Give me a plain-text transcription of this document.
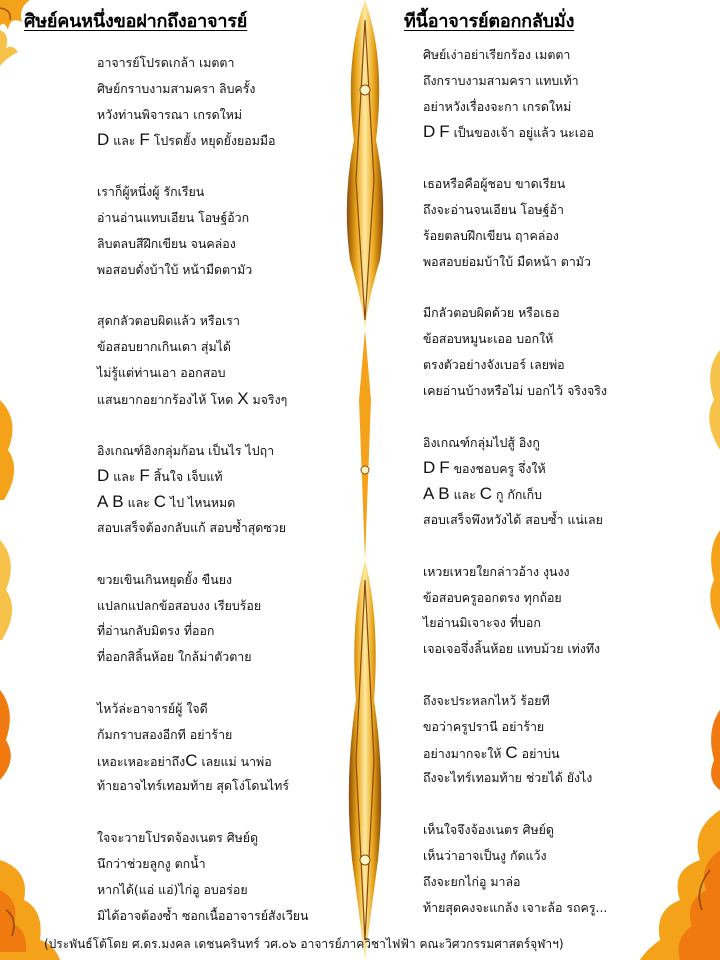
ศิษย์คนหนึ่งขอฝากถึงอาจารย์	ทีนี้อาจารย์ตอกกลับมั่ง
อาจารย์โปรดเกล้า เมตตา
ศิษย์กราบงามสามครา ลิบครั้ง
หวังท่านพิจารณา เกรดใหม่
D และ F โปรดยั้ง หยุดยั้งยอมมือ
เราก็ผู้หนึ่งผู้ รักเรียน
อ่านอ่านแทบเอียน โอษฐ์อ้วก
ลิบตลบสีฝึกเขียน จนคล่อง
พอสอบดั่งบ้าใบ้ หน้ามืดตามัว
สุดกลัวตอบผิดแล้ว หรือเรา
ข้อสอบยากเกินเดา สุ่มได้
ไม่รู้แต่ท่านเอา ออกสอบ
แสนยากอยากร้องไห้ โหด X มจริงๆ
อิงเกณฑ์อิงกลุ่มก้อน เป็นไร ไปฤา
D และ F สิ้นใจ เจ็บแท้
A B และ C ไป ไหนหมด
สอบเสร็จต้องกลับแก้ สอบซ้ำสุดซวย
ขวยเขินเกินหยุดยั้ง ขืนยง
แปลกแปลกข้อสอบงง เรียบร้อย
ที่อ่านกลับมิตรง ที่ออก
ที่ออกสิลิ้นห้อย ใกล้ม่าตัวตาย
ไหว้ล่ะอาจารย์ผู้ ใจดี
ก้มกราบสองอีกที อย่าร้าย
เหอะเหอะอย่าถึงC เลยแม่ นาพ่อ
ท้ายอาจไทร์เทอมท้าย สุดโง่โดนไทร์
ใจจะวายโปรดจ้องเนตร ศิษย์ดู
นึกว่าช่วยลูกงู ตกน้ำ
หากได้(แอ่ แอ่)ไก่อู อบอร่อย
มิได้อาจต้องซ้ำ ซอกเนื้ออาจารย์สังเวียน
ศิษย์เง่าอย่าเรียกร้อง เมตตา
ถึงกราบงามสามครา แทบเท้า
อย่าหวังเรื่องจะกา เกรดใหม่
D F เป็นของเจ้า อยู่แล้ว นะเออ
เธอหรือคือผู้ชอบ ขาดเรียน
ถึงจะอ่านจนเอียน โอษฐ์อ้า
ร้อยตลบฝึกเขียน ฤาคล่อง
พอสอบย่อมบ้าใบ้ มืดหน้า ตามัว
มีกลัวตอบผิดด้วย หรือเธอ
ข้อสอบหมูนะเออ บอกให้
ตรงตัวอย่างจังเบอร์ เลยพ่อ
เคยอ่านบ้างหรือไม่ บอกไว้ จริงจริง
อิงเกณฑ์กลุ่มไปสู้ อิงกู
D F ของชอบครู จึ่งให้
A B และ C กู กักเก็บ
สอบเสร็จพึงหวังได้ สอบซ้ำ แน่เลย
เหวยเหวยใยกล่าวอ้าง งุนงง
ข้อสอบครูออกตรง ทุกถ้อย
ไยอ่านมิเจาะจง ที่บอก
เจอเจอจึ่งลิ้นห้อย แทบม้วย เท่งทึง
ถึงจะประหลกไหว้ ร้อยที
ขอว่าครูปรานี อย่าร้าย
อย่างมากจะให้ C อย่าบ่น
ถึงจะไทร์เทอมท้าย ช่วยได้ ยังไง
เห็นใจจึงจ้องเนตร ศิษย์ดู
เห็นว่าอาจเป็นงู กัดแว้ง
ถึงจะยกไก่อู มาล่อ
ท้ายสุดคงจะแกล้ง เจาะล้อ รถครู...
(ประพันธ์โต้โดย ศ.ดร.มงคล เดชนครินทร์ วศ.๐๖ อาจารย์ภาควิชาไฟฟ้า คณะวิศวกรรมศาสตร์จุฬาฯ)
